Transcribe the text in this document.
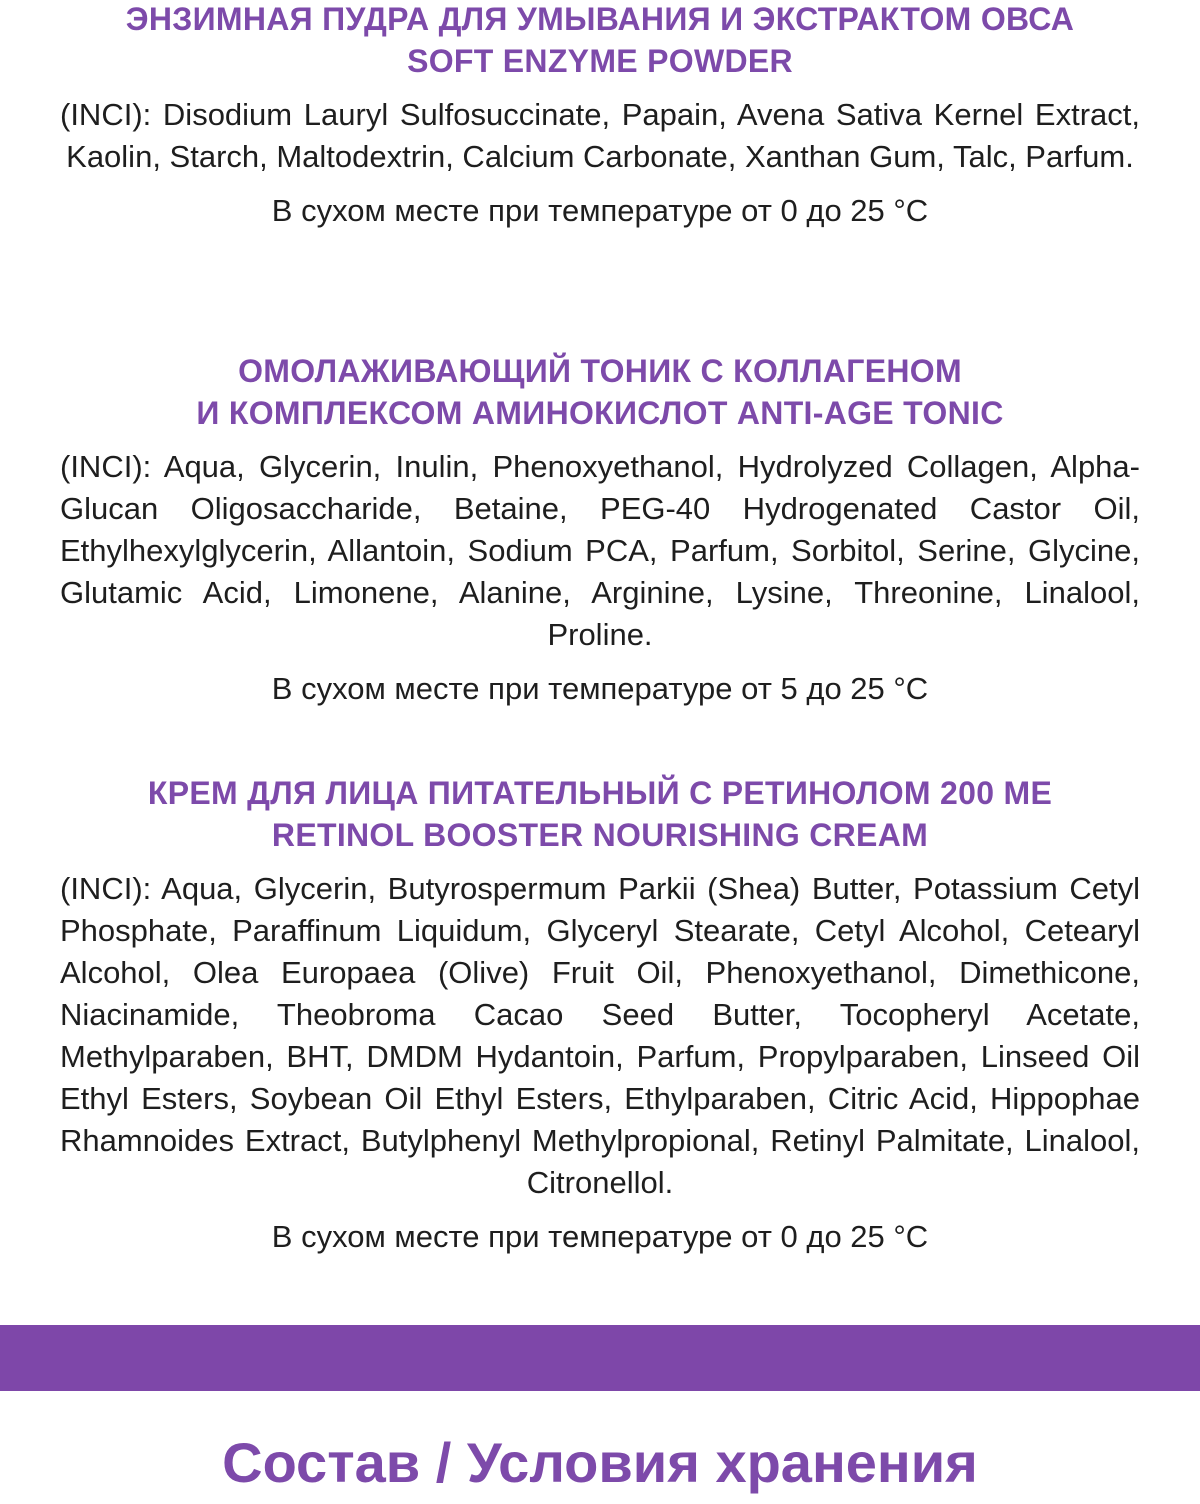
ЭНЗИМНАЯ ПУДРА ДЛЯ УМЫВАНИЯ И ЭКСТРАКТОМ ОВСА
SOFT ENZYME POWDER

(INCI): Disodium Lauryl Sulfosuccinate, Papain, Avena Sativa Kernel Extract, Kaolin, Starch, Maltodextrin, Calcium Carbonate, Xanthan Gum, Talc, Parfum.

В сухом месте при температуре от 0 до 25 °С

ОМОЛАЖИВАЮЩИЙ ТОНИК С КОЛЛАГЕНОМ
И КОМПЛЕКСОМ АМИНОКИСЛОТ ANTI-AGE TONIC

(INCI): Aqua, Glycerin, Inulin, Phenoxyethanol, Hydrolyzed Collagen, Alpha-Glucan Oligosaccharide, Betaine, PEG-40 Hydrogenated Castor Oil, Ethylhexylglycerin, Allantoin, Sodium PCA, Parfum, Sorbitol, Serine, Glycine, Glutamic Acid, Limonene, Alanine, Arginine, Lysine, Threonine, Linalool, Proline.

В сухом месте при температуре от 5 до 25 °С

КРЕМ ДЛЯ ЛИЦА ПИТАТЕЛЬНЫЙ С РЕТИНОЛОМ 200 МЕ
RETINOL BOOSTER NOURISHING CREAM

(INCI): Aqua, Glycerin, Butyrospermum Parkii (Shea) Butter, Potassium Cetyl Phosphate, Paraffinum Liquidum, Glyceryl Stearate, Cetyl Alcohol, Cetearyl Alcohol, Olea Europaea (Olive) Fruit Oil, Phenoxyethanol, Dimethicone, Niacinamide, Theobroma Cacao Seed Butter, Tocopheryl Acetate, Methylparaben, BHT, DMDM Hydantoin, Parfum, Propylparaben, Linseed Oil Ethyl Esters, Soybean Oil Ethyl Esters, Ethylparaben, Citric Acid, Hippophae Rhamnoides Extract, Butylphenyl Methylpropional, Retinyl Palmitate, Linalool, Citronellol.

В сухом месте при температуре от 0 до 25 °С

Состав / Условия хранения
